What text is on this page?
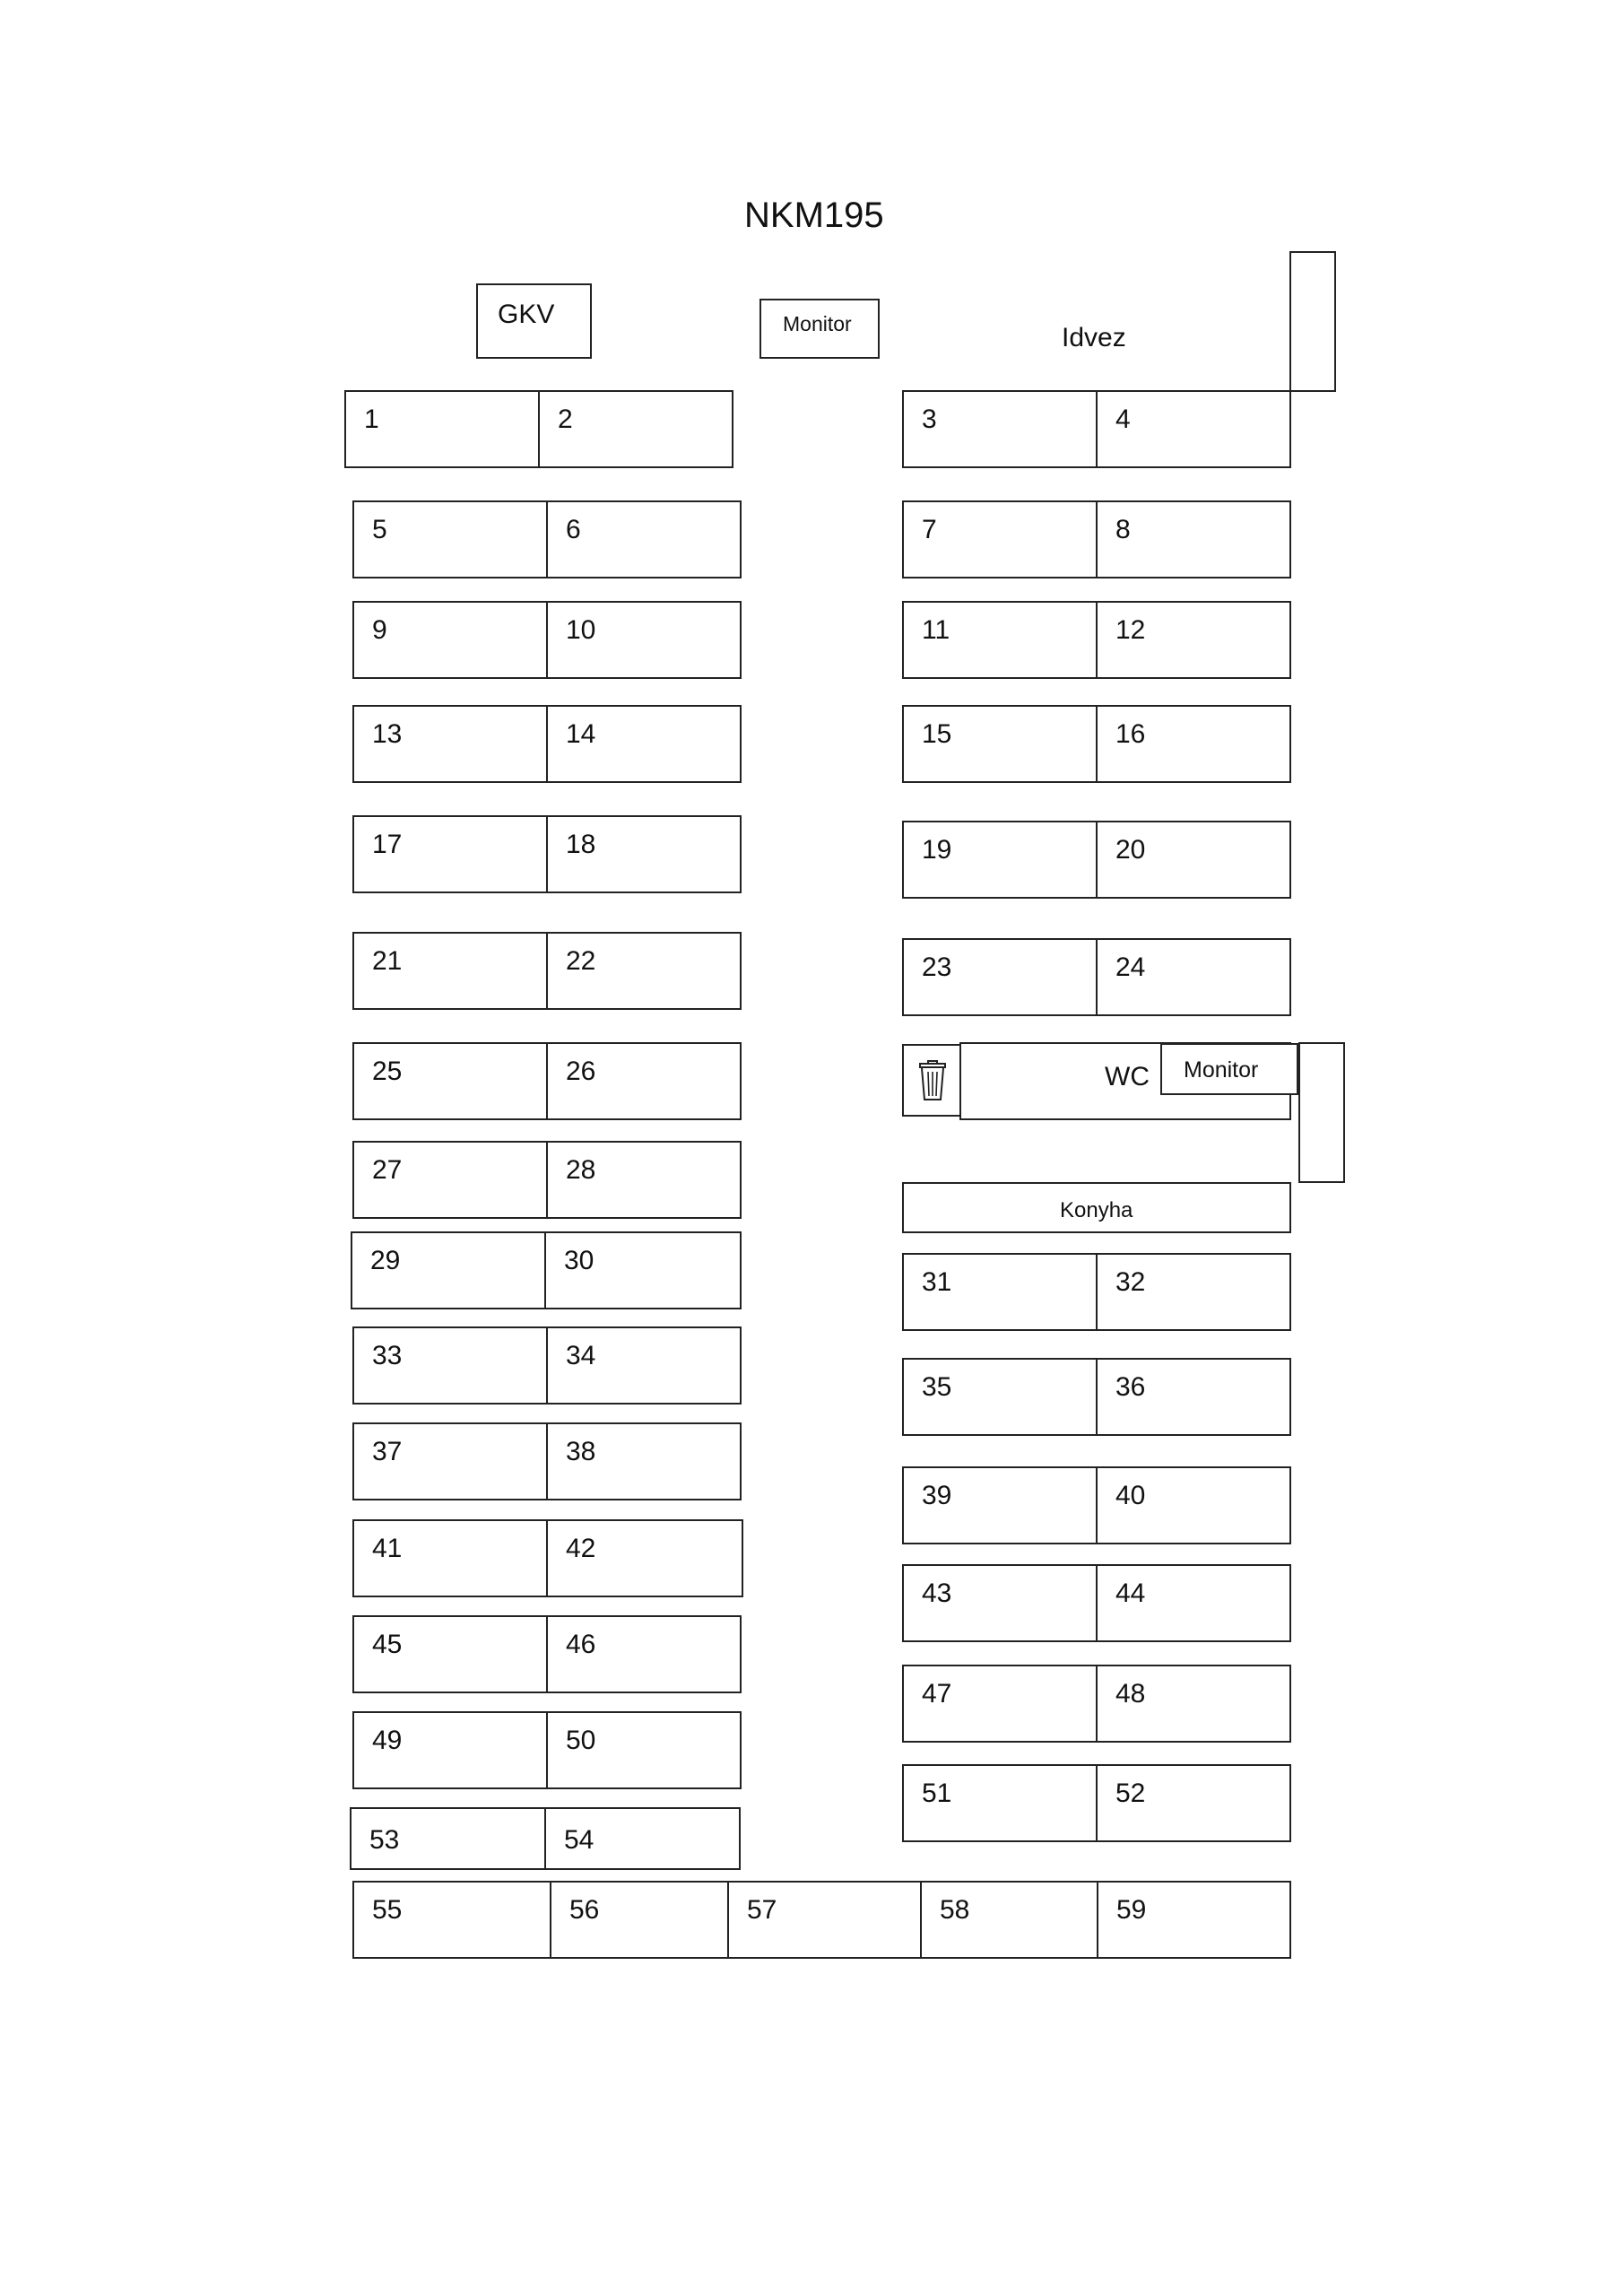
NKM195
GKV	Monitor	Idvez
1	2	3	4
5	6	7	8
9	10	11	12
13	14	15	16
17	18	19	20
21	22	23	24
25	26
27	28
29	30
31	32
33	34
35	36
37	38
39	40
41	42
43	44
45	46
47	48
49	50
51	52
53	54
55	56	57	58	59
WC Monitor
Konyha
